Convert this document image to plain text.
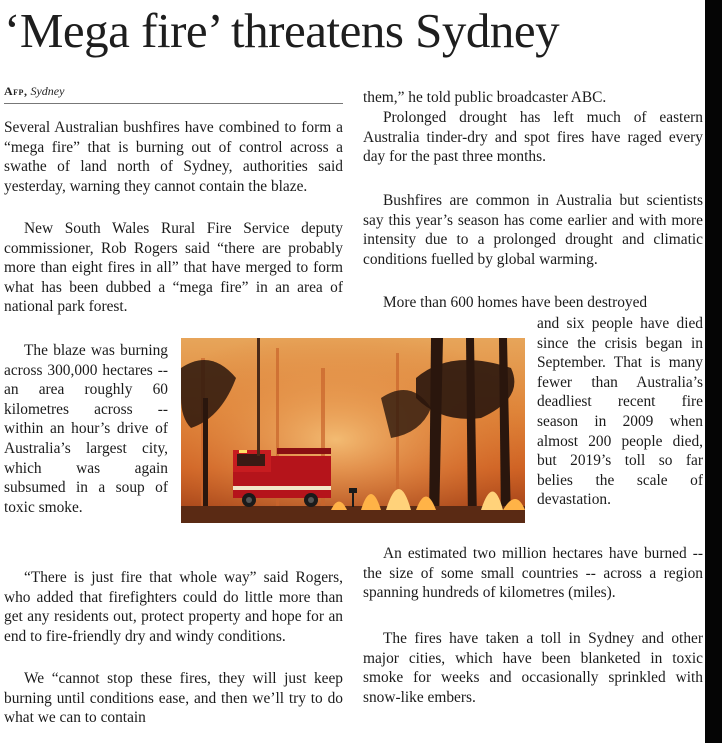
‘Mega fire’ threatens Sydney
Afp, Sydney

Several Australian bushfires have combined to form a “mega fire” that is burning out of control across a swathe of land north of Sydney, authorities said yesterday, warning they cannot contain the blaze.

New South Wales Rural Fire Service deputy commissioner, Rob Rogers said “there are probably more than eight fires in all” that have merged to form what has been dubbed a “mega fire” in an area of national park forest.

The blaze was burning across 300,000 hectares -- an area roughly 60 kilometres across -- within an hour’s drive of Australia’s largest city, which was again subsumed in a soup of toxic smoke.

“There is just fire that whole way” said Rogers, who added that firefighters could do little more than get any residents out, protect property and hope for an end to fire-friendly dry and windy conditions.

We “cannot stop these fires, they will just keep burning until conditions ease, and then we’ll try to do what we can to contain

them,” he told public broadcaster ABC.

Prolonged drought has left much of eastern Australia tinder-dry and spot fires have raged every day for the past three months.

Bushfires are common in Australia but scientists say this year’s season has come earlier and with more intensity due to a prolonged drought and climatic conditions fuelled by global warming.

More than 600 homes have been destroyed

and six people have died since the crisis began in September. That is many fewer than Australia’s deadliest recent fire season in 2009 when almost 200 people died, but 2019’s toll so far belies the scale of devastation.

An estimated two million hectares have burned -- the size of some small countries -- across a region spanning hundreds of kilometres (miles).

The fires have taken a toll in Sydney and other major cities, which have been blanketed in toxic smoke for weeks and occasionally sprinkled with snow-like embers.
